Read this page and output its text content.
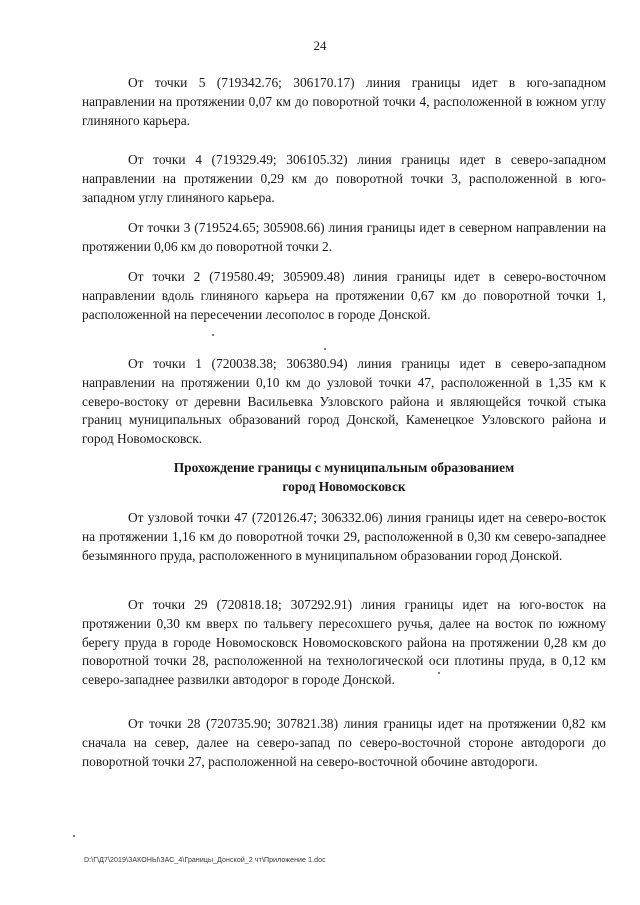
24

От точки 5 (719342.76; 306170.17) линия границы идет в юго-западном направлении на протяжении 0,07 км до поворотной точки 4, расположенной в южном углу глиняного карьера.

От точки 4 (719329.49; 306105.32) линия границы идет в северо-западном направлении на протяжении 0,29 км до поворотной точки 3, расположенной в юго-западном углу глиняного карьера.

От точки 3 (719524.65; 305908.66) линия границы идет в северном направлении на протяжении 0,06 км до поворотной точки 2.

От точки 2 (719580.49; 305909.48) линия границы идет в северо-восточном направлении вдоль глиняного карьера на протяжении 0,67 км до поворотной точки 1, расположенной на пересечении лесополос в городе Донской.

От точки 1 (720038.38; 306380.94) линия границы идет в северо-западном направлении на протяжении 0,10 км до узловой точки 47, расположенной в 1,35 км к северо-востоку от деревни Васильевка Узловского района и являющейся точкой стыка границ муниципальных образований город Донской, Каменецкое Узловского района и город Новомосковск.

Прохождение границы с муниципальным образованием
город Новомосковск

От узловой точки 47 (720126.47; 306332.06) линия границы идет на северо-восток на протяжении 1,16 км до поворотной точки 29, расположенной в 0,30 км северо-западнее безымянного пруда, расположенного в муниципальном образовании город Донской.

От точки 29 (720818.18; 307292.91) линия границы идет на юго-восток на протяжении 0,30 км вверх по тальвегу пересохшего ручья, далее на восток по южному берегу пруда в городе Новомосковск Новомосковского района на протяжении 0,28 км до поворотной точки 28, расположенной на технологической оси плотины пруда, в 0,12 км северо-западнее развилки автодорог в городе Донской.

От точки 28 (720735.90; 307821.38) линия границы идет на протяжении 0,82 км сначала на север, далее на северо-запад по северо-восточной стороне автодороги до поворотной точки 27, расположенной на северо-восточной обочине автодороги.

D:\Г\Д7\2019\ЗАКОНЫ\ЗАС_4\Границы_Донской_2 чт\Приложение 1.doc
